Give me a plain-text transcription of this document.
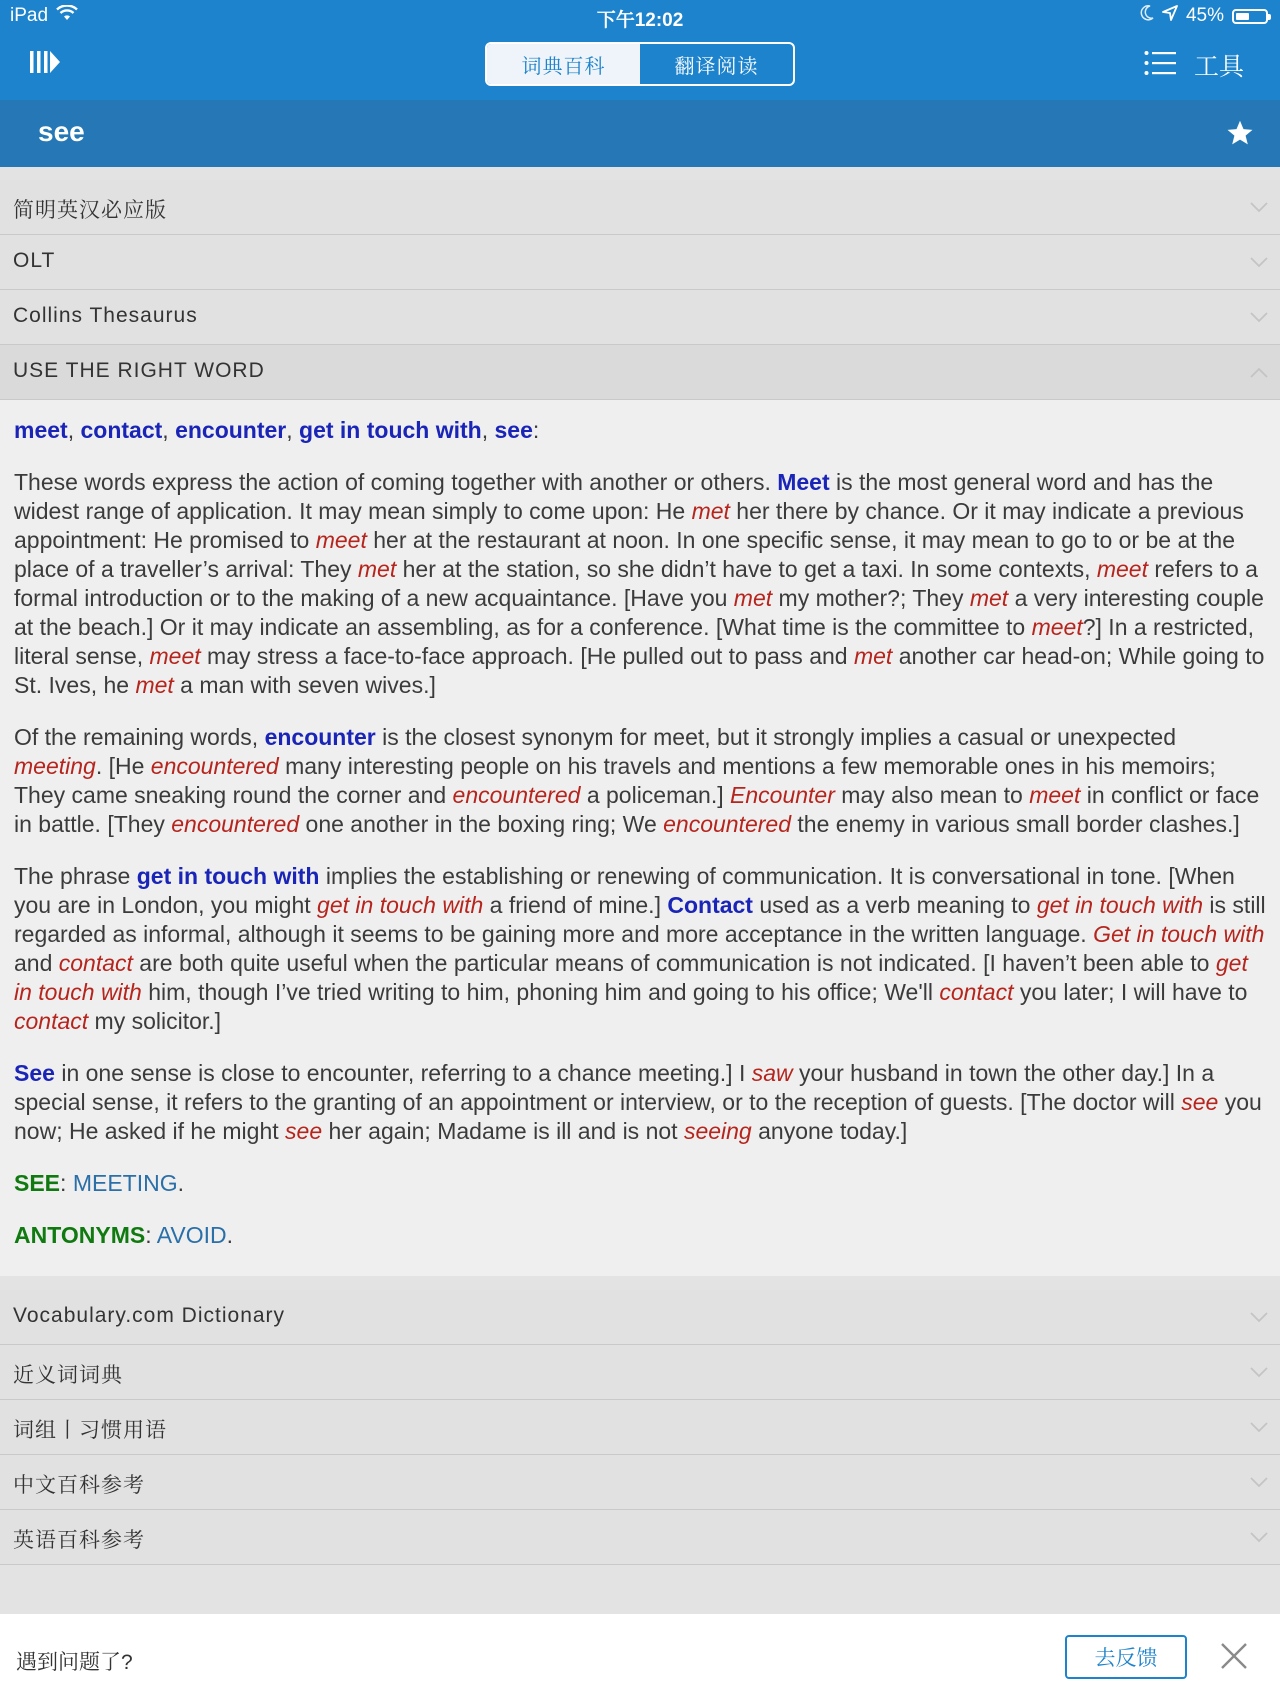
iPad	下午12:02	45%
词典百科	翻译阅读	工具
see
简明英汉必应版
OLT
Collins Thesaurus
USE THE RIGHT WORD

meet, contact, encounter, get in touch with, see:

These words express the action of coming together with another or others. Meet is the most general word and has the widest range of application. It may mean simply to come upon: He met her there by chance. Or it may indicate a previous appointment: He promised to meet her at the restaurant at noon. In one specific sense, it may mean to go to or be at the place of a traveller’s arrival: They met her at the station, so she didn’t have to get a taxi. In some contexts, meet refers to a formal introduction or to the making of a new acquaintance. [Have you met my mother?; They met a very interesting couple at the beach.] Or it may indicate an assembling, as for a conference. [What time is the committee to meet?] In a restricted, literal sense, meet may stress a face-to-face approach. [He pulled out to pass and met another car head-on; While going to St. Ives, he met a man with seven wives.]

Of the remaining words, encounter is the closest synonym for meet, but it strongly implies a casual or unexpected meeting. [He encountered many interesting people on his travels and mentions a few memorable ones in his memoirs; They came sneaking round the corner and encountered a policeman.] Encounter may also mean to meet in conflict or face in battle. [They encountered one another in the boxing ring; We encountered the enemy in various small border clashes.]

The phrase get in touch with implies the establishing or renewing of communication. It is conversational in tone. [When you are in London, you might get in touch with a friend of mine.] Contact used as a verb meaning to get in touch with is still regarded as informal, although it seems to be gaining more and more acceptance in the written language. Get in touch with and contact are both quite useful when the particular means of communication is not indicated. [I haven’t been able to get in touch with him, though I’ve tried writing to him, phoning him and going to his office; We'll contact you later; I will have to contact my solicitor.]

See in one sense is close to encounter, referring to a chance meeting.] I saw your husband in town the other day.] In a special sense, it refers to the granting of an appointment or interview, or to the reception of guests. [The doctor will see you now; He asked if he might see her again; Madame is ill and is not seeing anyone today.]

SEE: MEETING.

ANTONYMS: AVOID.

Vocabulary.com Dictionary
近义词词典
词组丨习惯用语
中文百科参考
英语百科参考
遇到问题了?	去反馈
